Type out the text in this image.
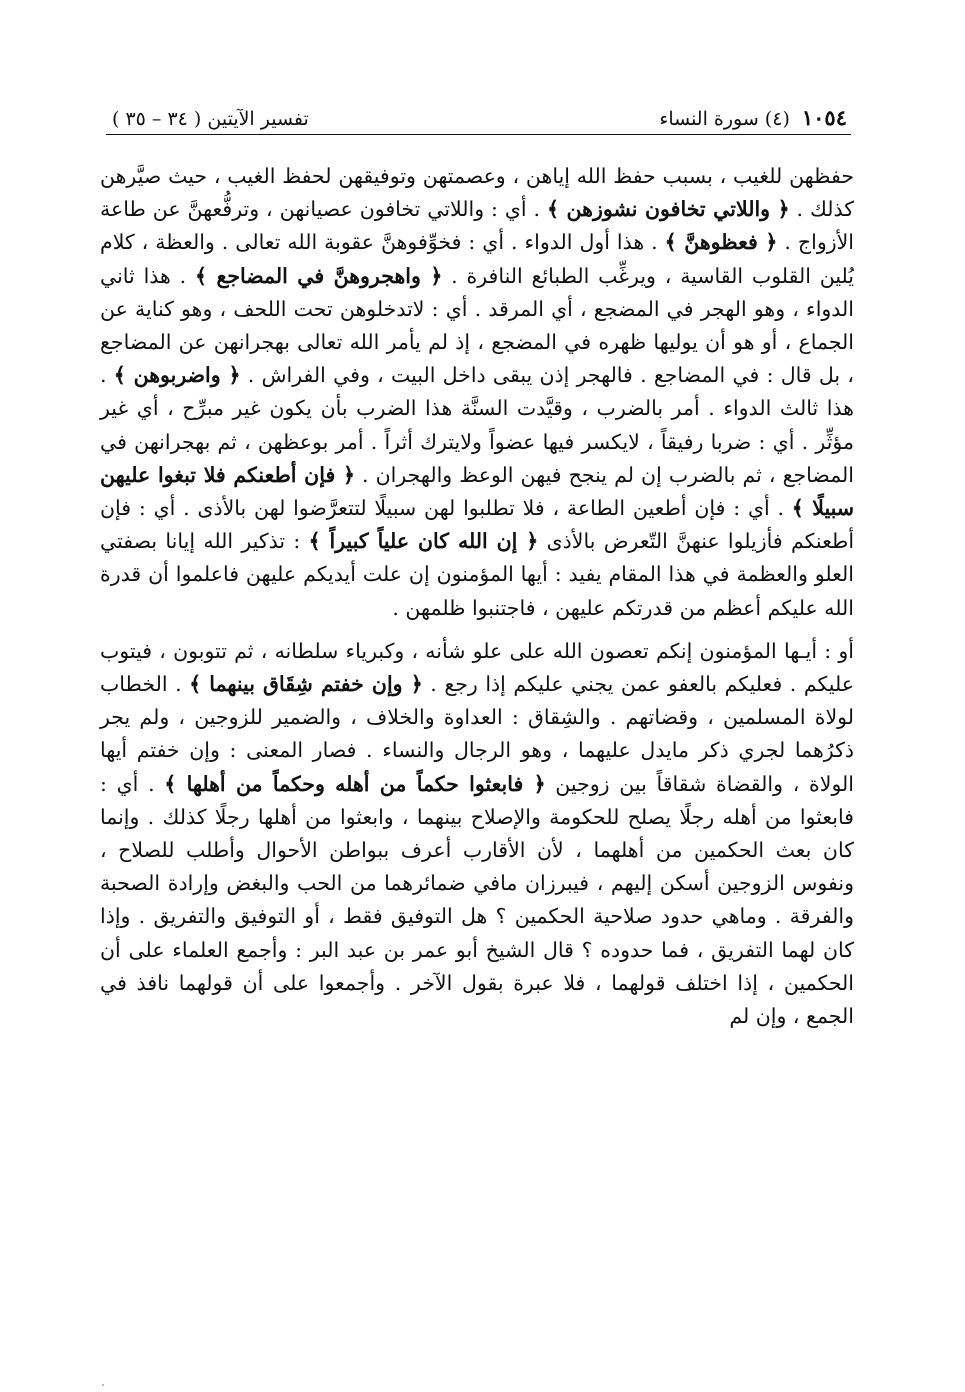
١٠٥٤
(٤) سورة النساء
تفسير الآيتين ( ٣٤ – ٣٥ )

حفظهن للغيب ، بسبب حفظ الله إياهن ، وعصمتهن وتوفيقهن لحفظ الغيب ، حيث صيَّرهن كذلك . ﴿ واللاتي تخافون نشوزهن ﴾ . أي : واللاتي تخافون عصيانهن ، وترفُّعهنَّ عن طاعة الأزواج . ﴿ فعظوهنَّ ﴾ . هذا أول الدواء . أي : فخوِّفوهنَّ عقوبة الله تعالى . والعظة ، كلام يُلين القلوب القاسية ، ويرغِّب الطبائع النافرة . ﴿ واهجروهنَّ في المضاجع ﴾ . هذا ثاني الدواء ، وهو الهجر في المضجع ، أي المرقد . أي : لاتدخلوهن تحت اللحف ، وهو كناية عن الجماع ، أو هو أن يوليها ظهره في المضجع ، إذ لم يأمر الله تعالى بهجرانهن عن المضاجع ، بل قال : في المضاجع . فالهجر إذن يبقى داخل البيت ، وفي الفراش . ﴿ واضربوهن ﴾ . هذا ثالث الدواء . أمر بالضرب ، وقيَّدت السنَّة هذا الضرب بأن يكون غير مبرِّح ، أي غير مؤثِّر . أي : ضربا رفيقاً ، لايكسر فيها عضواً ولايترك أثراً . أمر بوعظهن ، ثم بهجرانهن في المضاجع ، ثم بالضرب إن لم ينجح فيهن الوعظ والهجران . ﴿ فإن أطعنكم فلا تبغوا عليهن سبيلًا ﴾ . أي : فإن أطعين الطاعة ، فلا تطلبوا لهن سبيلًا لتتعرَّضوا لهن بالأذى . أي : فإن أطعنكم فأزيلوا عنهنَّ التّعرض بالأذى ﴿ إن الله كان علياً كبيراً ﴾ : تذكير الله إيانا بصفتي العلو والعظمة في هذا المقام يفيد : أيها المؤمنون إن علت أيديكم عليهن فاعلموا أن قدرة الله عليكم أعظم من قدرتكم عليهن ، فاجتنبوا ظلمهن .

أو : أيـها المؤمنون إنكم تعصون الله على علو شأنه ، وكبرياء سلطانه ، ثم تتوبون ، فيتوب عليكم . فعليكم بالعفو عمن يجني عليكم إذا رجع . ﴿ وإن خفتم شِقَاق بينهما ﴾ . الخطاب لولاة المسلمين ، وقضاتهم . والشِقاق : العداوة والخلاف ، والضمير للزوجين ، ولم يجر ذكرُهما لجري ذكر مايدل عليهما ، وهو الرجال والنساء . فصار المعنى : وإن خفتم أيها الولاة ، والقضاة شقاقاً بين زوجين ﴿ فابعثوا حكماً من أهله وحكماً من أهلها ﴾ . أي : فابعثوا من أهله رجلًا يصلح للحكومة والإصلاح بينهما ، وابعثوا من أهلها رجلًا كذلك . وإنما كان بعث الحكمين من أهلهما ، لأن الأقارب أعرف ببواطن الأحوال وأطلب للصلاح ، ونفوس الزوجين أسكن إليهم ، فيبرزان مافي ضمائرهما من الحب والبغض وإرادة الصحبة والفرقة . وماهي حدود صلاحية الحكمين ؟ هل التوفيق فقط ، أو التوفيق والتفريق . وإذا كان لهما التفريق ، فما حدوده ؟ قال الشيخ أبو عمر بن عبد البر : وأجمع العلماء على أن الحكمين ، إذا اختلف قولهما ، فلا عبرة بقول الآخر . وأجمعوا على أن قولهما نافذ في الجمع ، وإن لم
